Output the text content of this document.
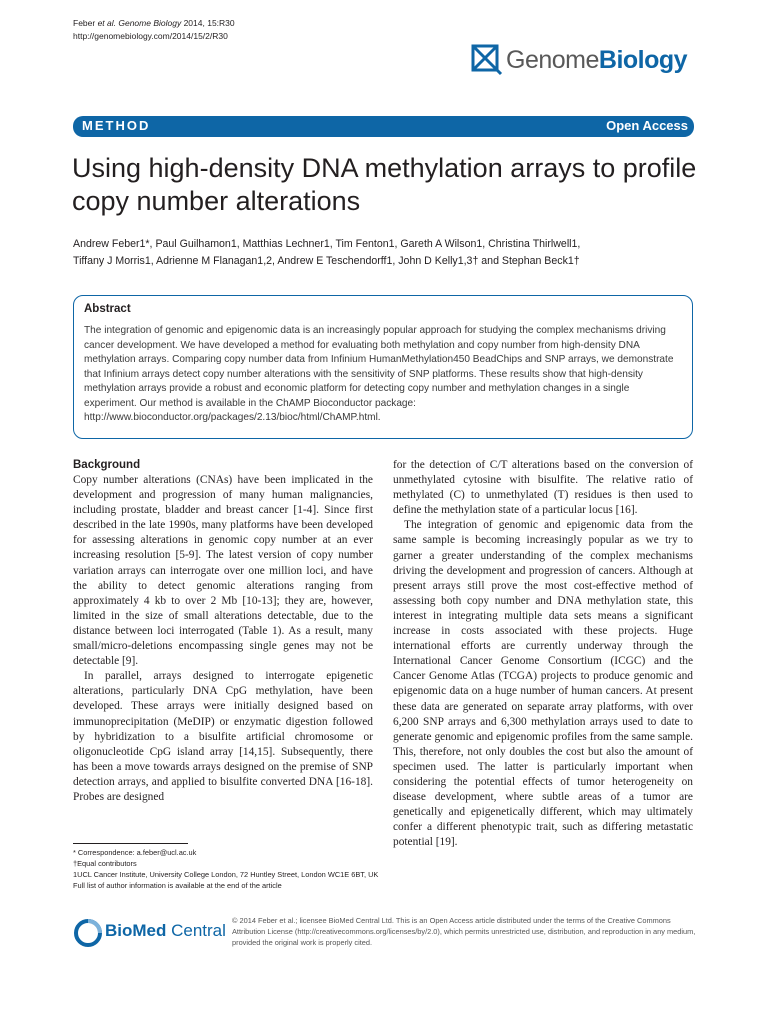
Feber et al. Genome Biology 2014, 15:R30
http://genomebiology.com/2014/15/2/R30
GenomeBiology
METHOD	Open Access
Using high-density DNA methylation arrays to profile copy number alterations
Andrew Feber1*, Paul Guilhamon1, Matthias Lechner1, Tim Fenton1, Gareth A Wilson1, Christina Thirlwell1,
Tiffany J Morris1, Adrienne M Flanagan1,2, Andrew E Teschendorff1, John D Kelly1,3† and Stephan Beck1†
Abstract
The integration of genomic and epigenomic data is an increasingly popular approach for studying the complex mechanisms driving cancer development. We have developed a method for evaluating both methylation and copy number from high-density DNA methylation arrays. Comparing copy number data from Infinium HumanMethylation450 BeadChips and SNP arrays, we demonstrate that Infinium arrays detect copy number alterations with the sensitivity of SNP platforms. These results show that high-density methylation arrays provide a robust and economic platform for detecting copy number and methylation changes in a single experiment. Our method is available in the ChAMP Bioconductor package: http://www.bioconductor.org/packages/2.13/bioc/html/ChAMP.html.
Background

Copy number alterations (CNAs) have been implicated in the development and progression of many human malignancies, including prostate, bladder and breast cancer [1-4]. Since first described in the late 1990s, many platforms have been developed for assessing alterations in genomic copy number at an ever increasing resolution [5-9]. The latest version of copy number variation arrays can interrogate over one million loci, and have the ability to detect genomic alterations ranging from approximately 4 kb to over 2 Mb [10-13]; they are, however, limited in the size of small alterations detectable, due to the distance between loci interrogated (Table 1). As a result, many small/micro-deletions encompassing single genes may not be detectable [9].

In parallel, arrays designed to interrogate epigenetic alterations, particularly DNA CpG methylation, have been developed. These arrays were initially designed based on immunoprecipitation (MeDIP) or enzymatic digestion followed by hybridization to a bisulfite artificial chromosome or oligonucleotide CpG island array [14,15]. Subsequently, there has been a move towards arrays designed on the premise of SNP detection arrays, and applied to bisulfite converted DNA [16-18]. Probes are designed

for the detection of C/T alterations based on the conversion of unmethylated cytosine with bisulfite. The relative ratio of methylated (C) to unmethylated (T) residues is then used to define the methylation state of a particular locus [16].

The integration of genomic and epigenomic data from the same sample is becoming increasingly popular as we try to garner a greater understanding of the complex mechanisms driving the development and progression of cancers. Although at present arrays still prove the most cost-effective method of assessing both copy number and DNA methylation state, this interest in integrating multiple data sets means a significant increase in costs associated with these projects. Huge international efforts are currently underway through the International Cancer Genome Consortium (ICGC) and the Cancer Genome Atlas (TCGA) projects to produce genomic and epigenomic data on a huge number of human cancers. At present these data are generated on separate array platforms, with over 6,200 SNP arrays and 6,300 methylation arrays used to date to generate genomic and epigenomic profiles from the same sample. This, therefore, not only doubles the cost but also the amount of specimen used. The latter is particularly important when considering the potential effects of tumor heterogeneity on disease development, where subtle areas of a tumor are genetically and epigenetically different, which may ultimately confer a different phenotypic trait, such as differing metastatic potential [19].

* Correspondence: a.feber@ucl.ac.uk
†Equal contributors
1UCL Cancer Institute, University College London, 72 Huntley Street, London WC1E 6BT, UK
Full list of author information is available at the end of the article
BioMed Central
© 2014 Feber et al.; licensee BioMed Central Ltd. This is an Open Access article distributed under the terms of the Creative Commons Attribution License (http://creativecommons.org/licenses/by/2.0), which permits unrestricted use, distribution, and reproduction in any medium, provided the original work is properly cited.
